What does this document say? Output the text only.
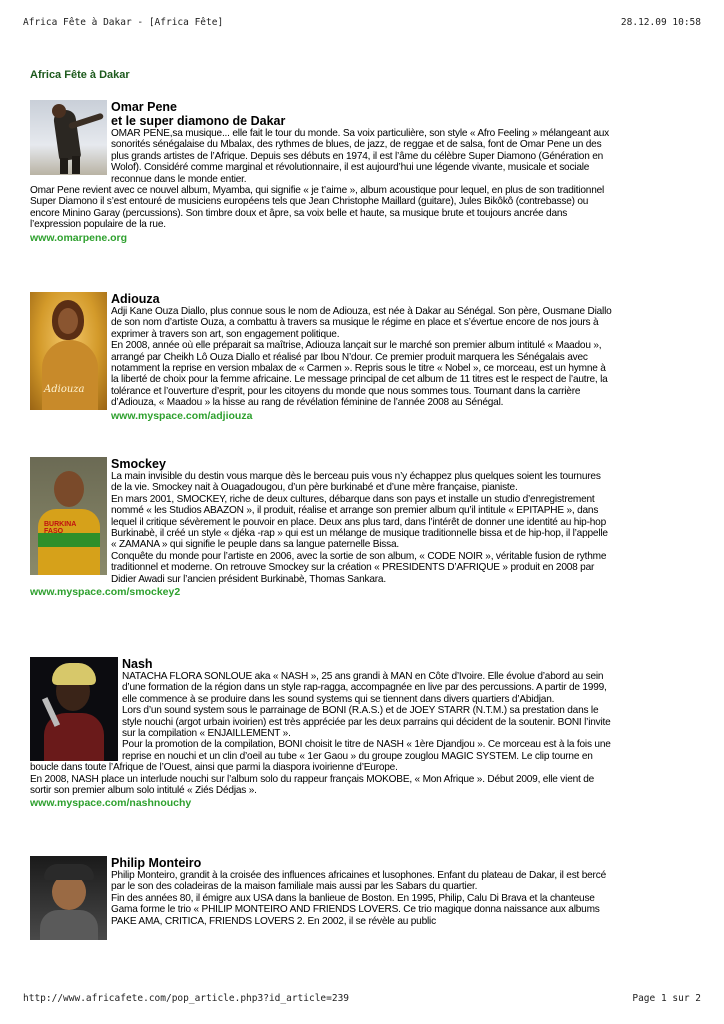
Africa Fête à Dakar - [Africa Fête]	28.12.09 10:58
Africa Fête à Dakar
Omar Pene
et le super diamono de Dakar

OMAR PENE,sa musique... elle fait le tour du monde. Sa voix particulière, son style « Afro Feeling » mélangeant aux sonorités sénégalaise du Mbalax, des rythmes de blues, de jazz, de reggae et de salsa, font de Omar Pene un des plus grands artistes de l’Afrique. Depuis ses débuts en 1974, il est l’âme du célèbre Super Diamono (Génération en Wolof). Considéré comme marginal et révolutionnaire, il est aujourd’hui une légende vivante, musicale et sociale reconnue dans le monde entier.
Omar Pene revient avec ce nouvel album, Myamba, qui signifie « je t’aime », album acoustique pour lequel, en plus de son traditionnel Super Diamono il s’est entouré de musiciens européens tels que Jean Christophe Maillard (guitare), Jules Bikôkô (contrebasse) ou encore Minino Garay (percussions). Son timbre doux et âpre, sa voix belle et haute, sa musique brute et toujours ancrée dans l’expression populaire de la rue.

www.omarpene.org
Adiouza
Adiouza

Adji Kane Ouza Diallo, plus connue sous le nom de Adiouza, est née à Dakar au Sénégal. Son père, Ousmane Diallo de son nom d’artiste Ouza, a combattu à travers sa musique le régime en place et s’évertue encore de nos jours à exprimer à travers son art, son engagement politique.
En 2008, année où elle préparait sa maîtrise, Adiouza lançait sur le marché son premier album intitulé « Maadou », arrangé par Cheikh Lô Ouza Diallo et réalisé par Ibou N’dour. Ce premier produit marquera les Sénégalais avec notamment la reprise en version mbalax de « Carmen ». Repris sous le titre « Nobel », ce morceau, est un hymne à la liberté de choix pour la femme africaine. Le message principal de cet album de 11 titres est le respect de l’autre, la tolérance et l’ouverture d’esprit, pour les citoyens du monde que nous sommes tous. Tournant dans la carrière d’Adiouza, « Maadou » la hisse au rang de révélation féminine de l’année 2008 au Sénégal.

www.myspace.com/adjiouza
BURKINA FASO
Smockey

La main invisible du destin vous marque dès le berceau puis vous n’y échappez plus quelques soient les tournures de la vie. Smockey nait à Ouagadougou, d’un père burkinabé et d’une mère française, pianiste.
En mars 2001, SMOCKEY, riche de deux cultures, débarque dans son pays et installe un studio d’enregistrement nommé « les Studios ABAZON », il produit, réalise et arrange son premier album qu’il intitule « EPITAPHE », dans lequel il critique sévèrement le pouvoir en place. Deux ans plus tard, dans l’intérêt de donner une identité au hip-hop Burkinabè, il créé un style « djéka -rap » qui est un mélange de musique traditionnelle bissa et de hip-hop, il l’appelle « ZAMANA » qui signifie le peuple dans sa langue paternelle Bissa.
Conquête du monde pour l’artiste en 2006, avec la sortie de son album, « CODE NOIR », véritable fusion de rythme traditionnel et moderne. On retrouve Smockey sur la création « PRESIDENTS D’AFRIQUE » produit en 2008 par Didier Awadi sur l’ancien président Burkinabè, Thomas Sankara.

www.myspace.com/smockey2
Nash

NATACHA FLORA SONLOUE aka « NASH », 25 ans grandi à MAN en Côte d’Ivoire. Elle évolue d’abord au sein d’une formation de la région dans un style rap-ragga, accompagnée en live par des percussions. A partir de 1999, elle commence à se produire dans les sound systems qui se tiennent dans divers quartiers d’Abidjan.
Lors d’un sound system sous le parrainage de BONI (R.A.S.) et de JOEY STARR (N.T.M.) sa prestation dans le style nouchi (argot urbain ivoirien) est très appréciée par les deux parrains qui décident de la soutenir. BONI l’invite sur la compilation « ENJAILLEMENT ».
Pour la promotion de la compilation, BONI choisit le titre de NASH « 1ère Djandjou ». Ce morceau est à la fois une reprise en nouchi et un clin d’oeil au tube « 1er Gaou » du groupe zouglou MAGIC SYSTEM. Le clip tourne en boucle dans toute l’Afrique de l’Ouest, ainsi que parmi la diaspora ivoirienne d’Europe.
En 2008, NASH place un interlude nouchi sur l’album solo du rappeur français MOKOBE, « Mon Afrique ». Début 2009, elle vient de sortir son premier album solo intitulé « Ziés Dédjas ».

www.myspace.com/nashnouchy
Philip Monteiro

Philip Monteiro, grandit à la croisée des influences africaines et lusophones. Enfant du plateau de Dakar, il est bercé par le son des coladeiras de la maison familiale mais aussi par les Sabars du quartier.
Fin des années 80, il émigre aux USA dans la banlieue de Boston. En 1995, Philip, Calu Di Brava et la chanteuse Gama forme le trio « PHILIP MONTEIRO AND FRIENDS LOVERS. Ce trio magique donna naissance aux albums PAKE AMA, CRITICA, FRIENDS LOVERS 2. En 2002, il se révèle au public

http://www.africafete.com/pop_article.php3?id_article=239	Page 1 sur 2
